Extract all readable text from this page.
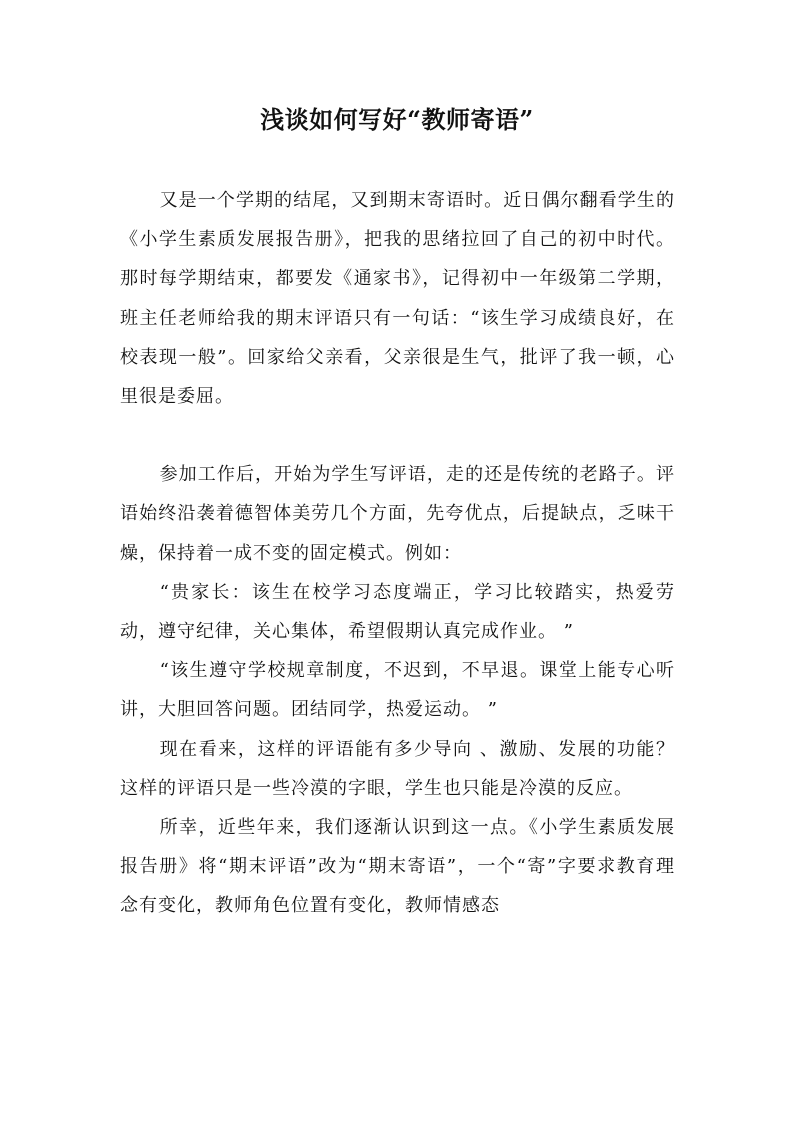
浅谈如何写好“教师寄语”

又是一个学期的结尾，又到期末寄语时。近日偶尔翻看学生的《小学生素质发展报告册》，把我的思绪拉回了自己的初中时代。那时每学期结束，都要发《通家书》，记得初中一年级第二学期，班主任老师给我的期末评语只有一句话：“该生学习成绩良好，在校表现一般”。回家给父亲看，父亲很是生气，批评了我一顿，心里很是委屈。

参加工作后，开始为学生写评语，走的还是传统的老路子。评语始终沿袭着德智体美劳几个方面，先夸优点，后提缺点，乏味干燥，保持着一成不变的固定模式。例如：

“贵家长：该生在校学习态度端正，学习比较踏实，热爱劳动，遵守纪律，关心集体，希望假期认真完成作业。 ”

“该生遵守学校规章制度，不迟到，不早退。课堂上能专心听讲，大胆回答问题。团结同学，热爱运动。 ”

现在看来，这样的评语能有多少导向 、激励、发展的功能？这样的评语只是一些冷漠的字眼，学生也只能是冷漠的反应。

所幸，近些年来，我们逐渐认识到这一点。《小学生素质发展报告册》将“期末评语”改为“期末寄语”，一个“寄”字要求教育理念有变化，教师角色位置有变化，教师情感态
